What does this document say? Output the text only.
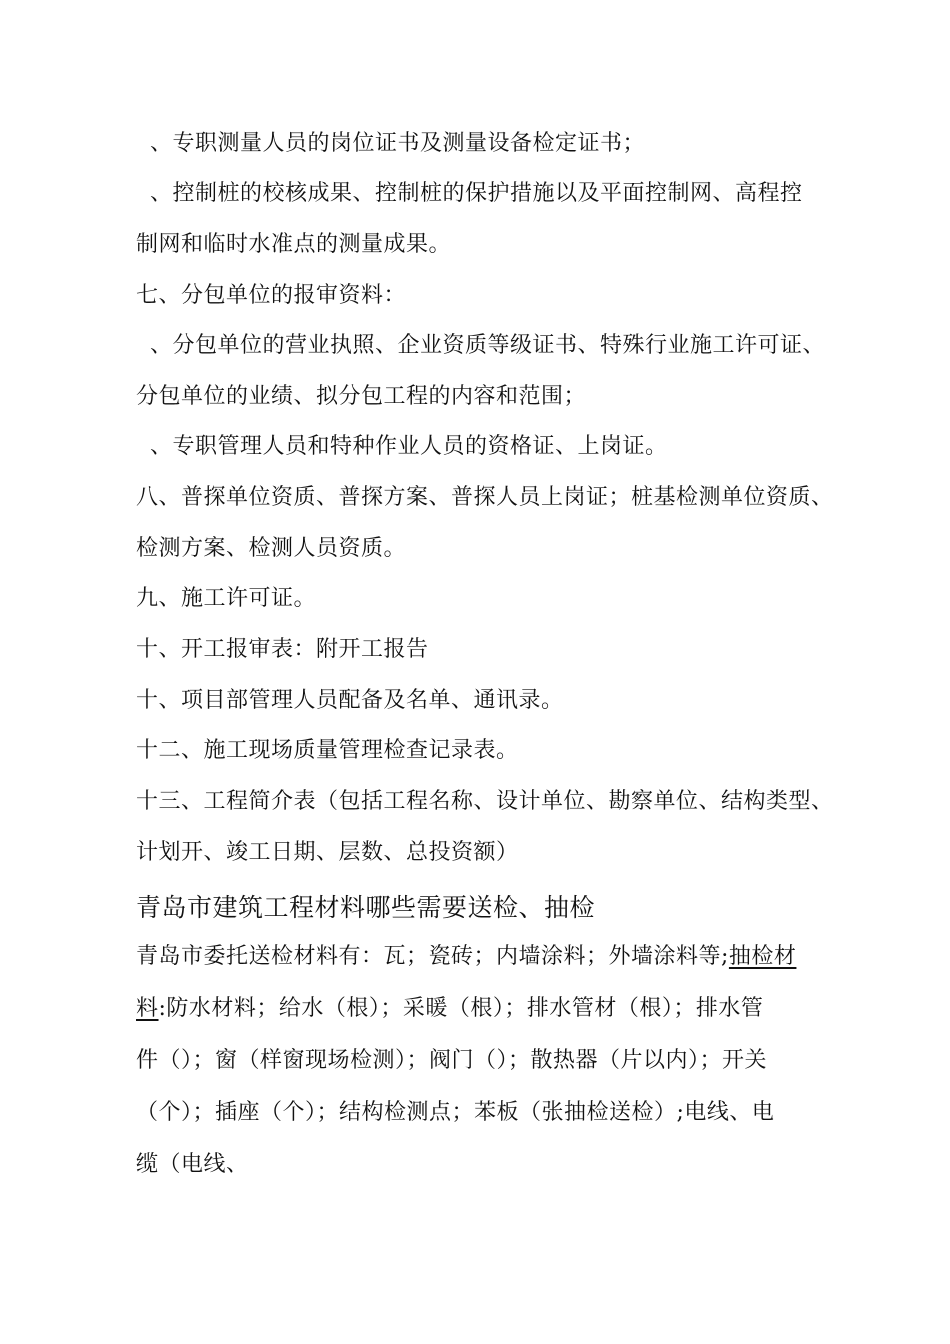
、专职测量人员的岗位证书及测量设备检定证书；
、控制桩的校核成果、控制桩的保护措施以及平面控制网、高程控
制网和临时水准点的测量成果。
七、分包单位的报审资料：
、分包单位的营业执照、企业资质等级证书、特殊行业施工许可证、
分包单位的业绩、拟分包工程的内容和范围；
、专职管理人员和特种作业人员的资格证、上岗证。
八、普探单位资质、普探方案、普探人员上岗证；桩基检测单位资质、
检测方案、检测人员资质。
九、施工许可证。
十、开工报审表：附开工报告
十、项目部管理人员配备及名单、通讯录。
十二、施工现场质量管理检查记录表。
十三、工程简介表（包括工程名称、设计单位、勘察单位、结构类型、
计划开、竣工日期、层数、总投资额）
青岛市建筑工程材料哪些需要送检、抽检
青岛市委托送检材料有：瓦；瓷砖；内墙涂料；外墙涂料等;抽检材
料:防水材料；给水（根）；采暖（根）；排水管材（根）；排水管
件（）；窗（样窗现场检测）；阀门（）；散热器（片以内）；开关
（个）；插座（个）；结构检测点；苯板（张抽检送检）;电线、电
缆（电线、
